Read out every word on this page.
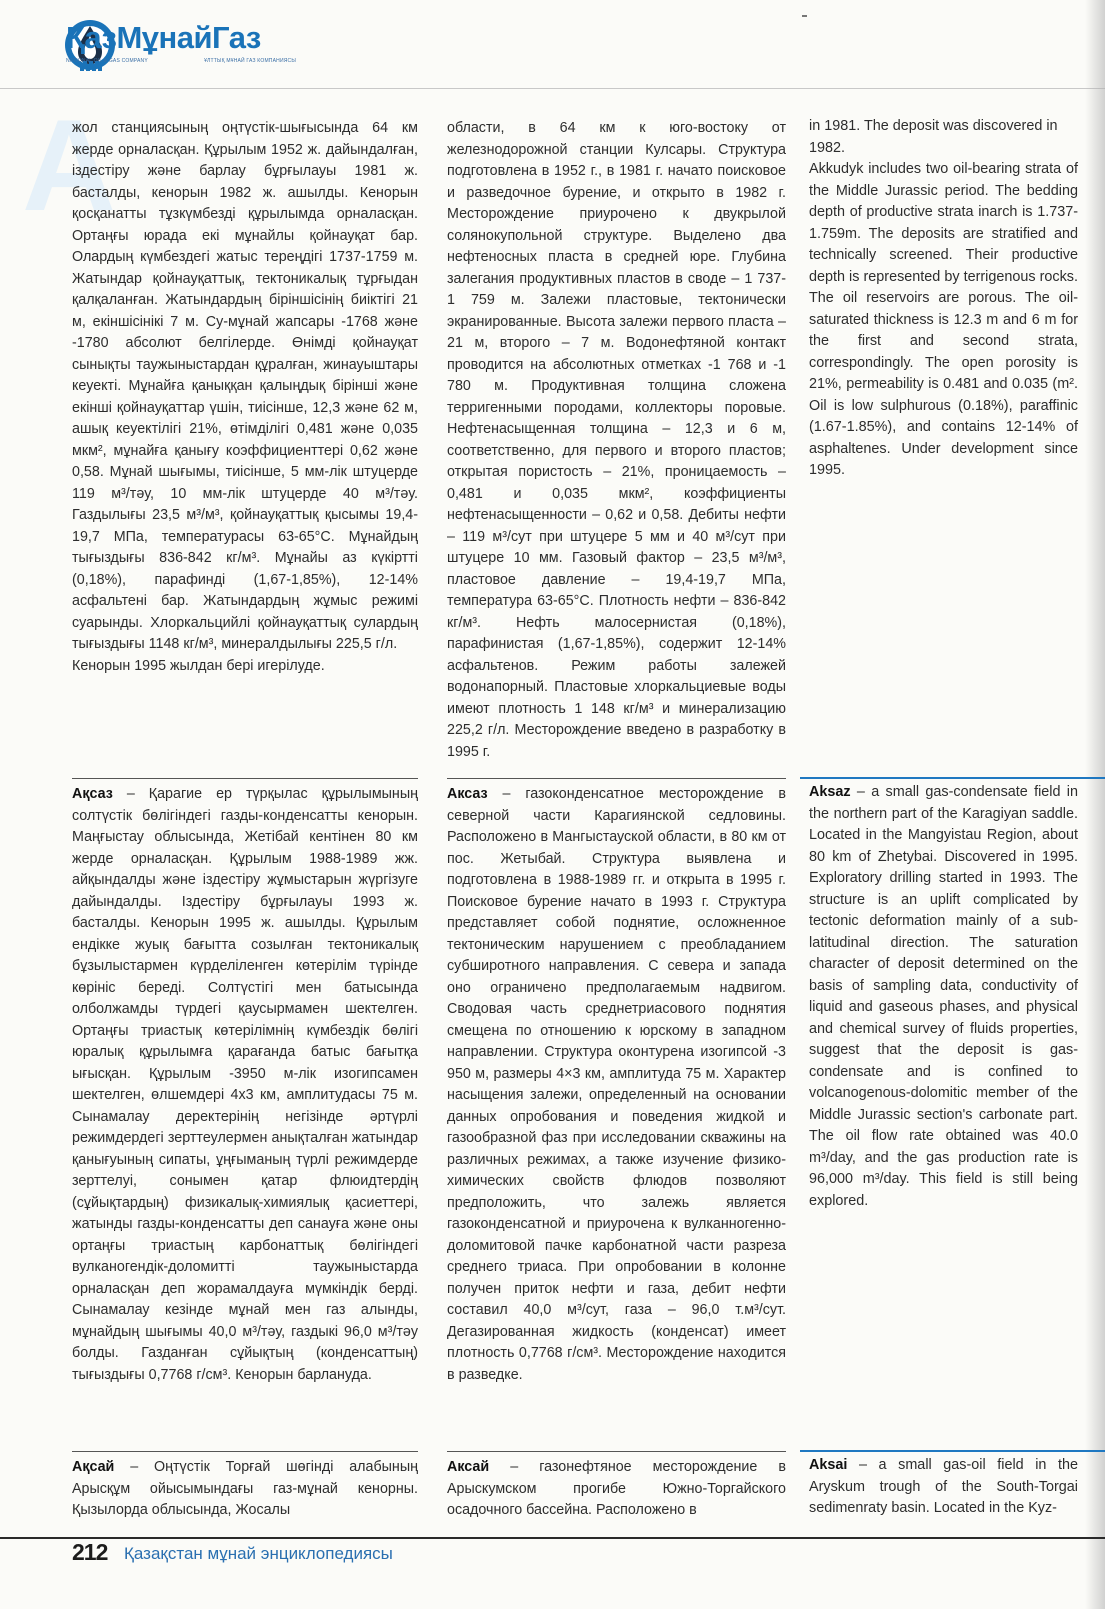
ҚазМұнайГаз
NATIONAL OIL & GAS COMPANY	ҰЛТТЫҚ МҰНАЙ ГАЗ КОМПАНИЯСЫ
А

жол станциясының оңтүстік-шығысында 64 км жерде орналасқан. Құрылым 1952 ж. дайындалған, іздестіру және барлау бұрғылауы 1981 ж. басталды, кенорын 1982 ж. ашылды. Кенорын қосқанатты тұзкүмбезді құрылымда орналасқан. Ортаңғы юрада екі мұнайлы қойнауқат бар. Олардың күмбездегі жатыс тереңдігі 1737-1759 м. Жатындар қойнауқаттық, тектоникалық тұрғыдан қалқаланған. Жатындардың біріншісінің биіктігі 21 м, екіншісінікі 7 м. Су-мұнай жапсары -1768 және -1780 абсолют белгілерде. Өнімді қойнауқат сынықты таужыныстардан құралған, жинауыштары кеуекті. Мұнайға қаныққан қалыңдық бірінші және екінші қойнауқаттар үшін, тиісінше, 12,3 және 62 м, ашық кеуектілігі 21%, өтімділігі 0,481 және 0,035 мкм², мұнайға қанығу коэффициенттері 0,62 және 0,58. Мұнай шығымы, тиісінше, 5 мм-лік штуцерде 119 м³/тәу, 10 мм-лік штуцерде 40 м³/тәу. Газдылығы 23,5 м³/м³, қойнауқаттық қысымы 19,4-19,7 МПа, температурасы 63-65°С. Мұнайдың тығыздығы 836-842 кг/м³. Мұнайы аз күкіртті (0,18%), парафинді (1,67-1,85%), 12-14% асфальтені бар. Жатындардың жұмыс режимі суарынды. Хлоркальцийлі қойнауқаттық сулардың тығыздығы 1148 кг/м³, минералдылығы 225,5 г/л.

Кенорын 1995 жылдан бері игерілуде.

области, в 64 км к юго-востоку от железнодорожной станции Кулсары. Структура подготовлена в 1952 г., в 1981 г. начато поисковое и разведочное бурение, и открыто в 1982 г. Месторождение приурочено к двукрылой солянокупольной структуре. Выделено два нефтеносных пласта в средней юре. Глубина залегания продуктивных пластов в своде – 1 737-1 759 м. Залежи пластовые, тектонически экранированные. Высота залежи первого пласта – 21 м, второго – 7 м. Водонефтяной контакт проводится на абсолютных отметках -1 768 и -1 780 м. Продуктивная толщина сложена терригенными породами, коллекторы поровые. Нефтенасыщенная толщина – 12,3 и 6 м, соответственно, для первого и второго пластов; открытая пористость – 21%, проницаемость – 0,481 и 0,035 мкм², коэффициенты нефтенасыщенности – 0,62 и 0,58. Дебиты нефти – 119 м³/сут при штуцере 5 мм и 40 м³/сут при штуцере 10 мм. Газовый фактор – 23,5 м³/м³, пластовое давление – 19,4-19,7 МПа, температура 63-65°С. Плотность нефти – 836-842 кг/м³. Нефть малосернистая (0,18%), парафинистая (1,67-1,85%), содержит 12-14% асфальтенов. Режим работы залежей водонапорный. Пластовые хлоркальциевые воды имеют плотность 1 148 кг/м³ и минерализацию 225,2 г/л. Месторождение введено в разработку в 1995 г.

in 1981. The deposit was discovered in 1982.

Akkudyk includes two oil-bearing strata of the Middle Jurassic period. The bedding depth of productive strata inarch is 1.737-1.759m. The deposits are stratified and technically screened. Their productive depth is represented by terrigenous rocks. The oil reservoirs are porous. The oil-saturated thickness is 12.3 m and 6 m for the first and second strata, correspondingly. The open porosity is 21%, permeability is 0.481 and 0.035 (m². Oil is low sulphurous (0.18%), paraffinic (1.67-1.85%), and contains 12-14% of asphaltenes. Under development since 1995.

Ақсаз – Қарагие ер түрқылас құрылымының солтүстік бөлігіндегі газды-конденсатты кенорын. Маңғыстау облысында, Жетібай кентінен 80 км жерде орналасқан. Құрылым 1988-1989 жж. айқындалды және іздестіру жұмыстарын жүргізуге дайындалды. Іздестіру бұрғылауы 1993 ж. басталды. Кенорын 1995 ж. ашылды. Құрылым ендікке жуық бағытта созылған тектоникалық бұзылыстармен күрделіленген көтерілім түрінде көрініс береді. Солтүстігі мен батысында олболжамды түрдегі қаусырмамен шектелген. Ортаңғы триастық көтерілімнің күмбездік бөлігі юралық құрылымға қарағанда батыс бағытқа ығысқан. Құрылым -3950 м-лік изогипсамен шектелген, өлшемдері 4х3 км, амплитудасы 75 м. Сынамалау деректерінің негізінде әртүрлі режимдердегі зерттеулермен анықталған жатындар қанығуының сипаты, ұңғыманың түрлі режимдерде зерттелуі, сонымен қатар флюидтердің (сұйықтардың) физикалық-химиялық қасиеттері, жатынды газды-конденсатты деп санауға және оны ортаңғы триастың карбонаттық бөлігіндегі вулканогендік-доломитті таужыныстарда орналасқан деп жорамалдауға мүмкіндік берді. Сынамалау кезінде мұнай мен газ алынды, мұнайдың шығымы 40,0 м³/тәу, газдыкі 96,0 м³/тәу болды. Газданған сұйықтың (конденсаттың) тығыздығы 0,7768 г/см³. Кенорын барлануда.

Аксаз – газоконденсатное месторождение в северной части Карагиянской седловины. Расположено в Мангыстауской области, в 80 км от пос. Жетыбай. Структура выявлена и подготовлена в 1988-1989 гг. и открыта в 1995 г. Поисковое бурение начато в 1993 г. Структура представляет собой поднятие, осложненное тектоническим нарушением с преобладанием субширотного направления. С севера и запада оно ограничено предполагаемым надвигом. Сводовая часть среднетриасового поднятия смещена по отношению к юрскому в западном направлении. Структура оконтурена изогипсой -3 950 м, размеры 4×3 км, амплитуда 75 м. Характер насыщения залежи, определенный на основании данных опробования и поведения жидкой и газообразной фаз при исследовании скважины на различных режимах, а также изучение физико-химических свойств флюдов позволяют предположить, что залежь является газоконденсатной и приурочена к вулканногенно-доломитовой пачке карбонатной части разреза среднего триаса. При опробовании в колонне получен приток нефти и газа, дебит нефти составил 40,0 м³/сут, газа – 96,0 т.м³/сут. Дегазированная жидкость (конденсат) имеет плотность 0,7768 г/см³. Месторождение находится в разведке.

Aksaz – a small gas-condensate field in the northern part of the Karagiyan saddle. Located in the Mangyistau Region, about 80 km of Zhetybai. Discovered in 1995. Exploratory drilling started in 1993. The structure is an uplift complicated by tectonic deformation mainly of a sub-latitudinal direction. The saturation character of deposit determined on the basis of sampling data, conductivity of liquid and gaseous phases, and physical and chemical survey of fluids properties, suggest that the deposit is gas-condensate and is confined to volcanogenous-dolomitic member of the Middle Jurassic section's carbonate part. The oil flow rate obtained was 40.0 m³/day, and the gas production rate is 96,000 m³/day. This field is still being explored.

Ақсай – Оңтүстік Торғай шөгінді алабының Арысқұм ойысымындағы газ-мұнай кенорны. Қызылорда облысында, Жосалы

Аксай – газонефтяное месторождение в Арыскумском прогибе Южно-Торгайского осадочного бассейна. Расположено в

Aksai – a small gas-oil field in the Aryskum trough of the South-Torgai sedimenraty basin. Located in the Kyz-

212 Қазақстан мұнай энциклопедиясы
